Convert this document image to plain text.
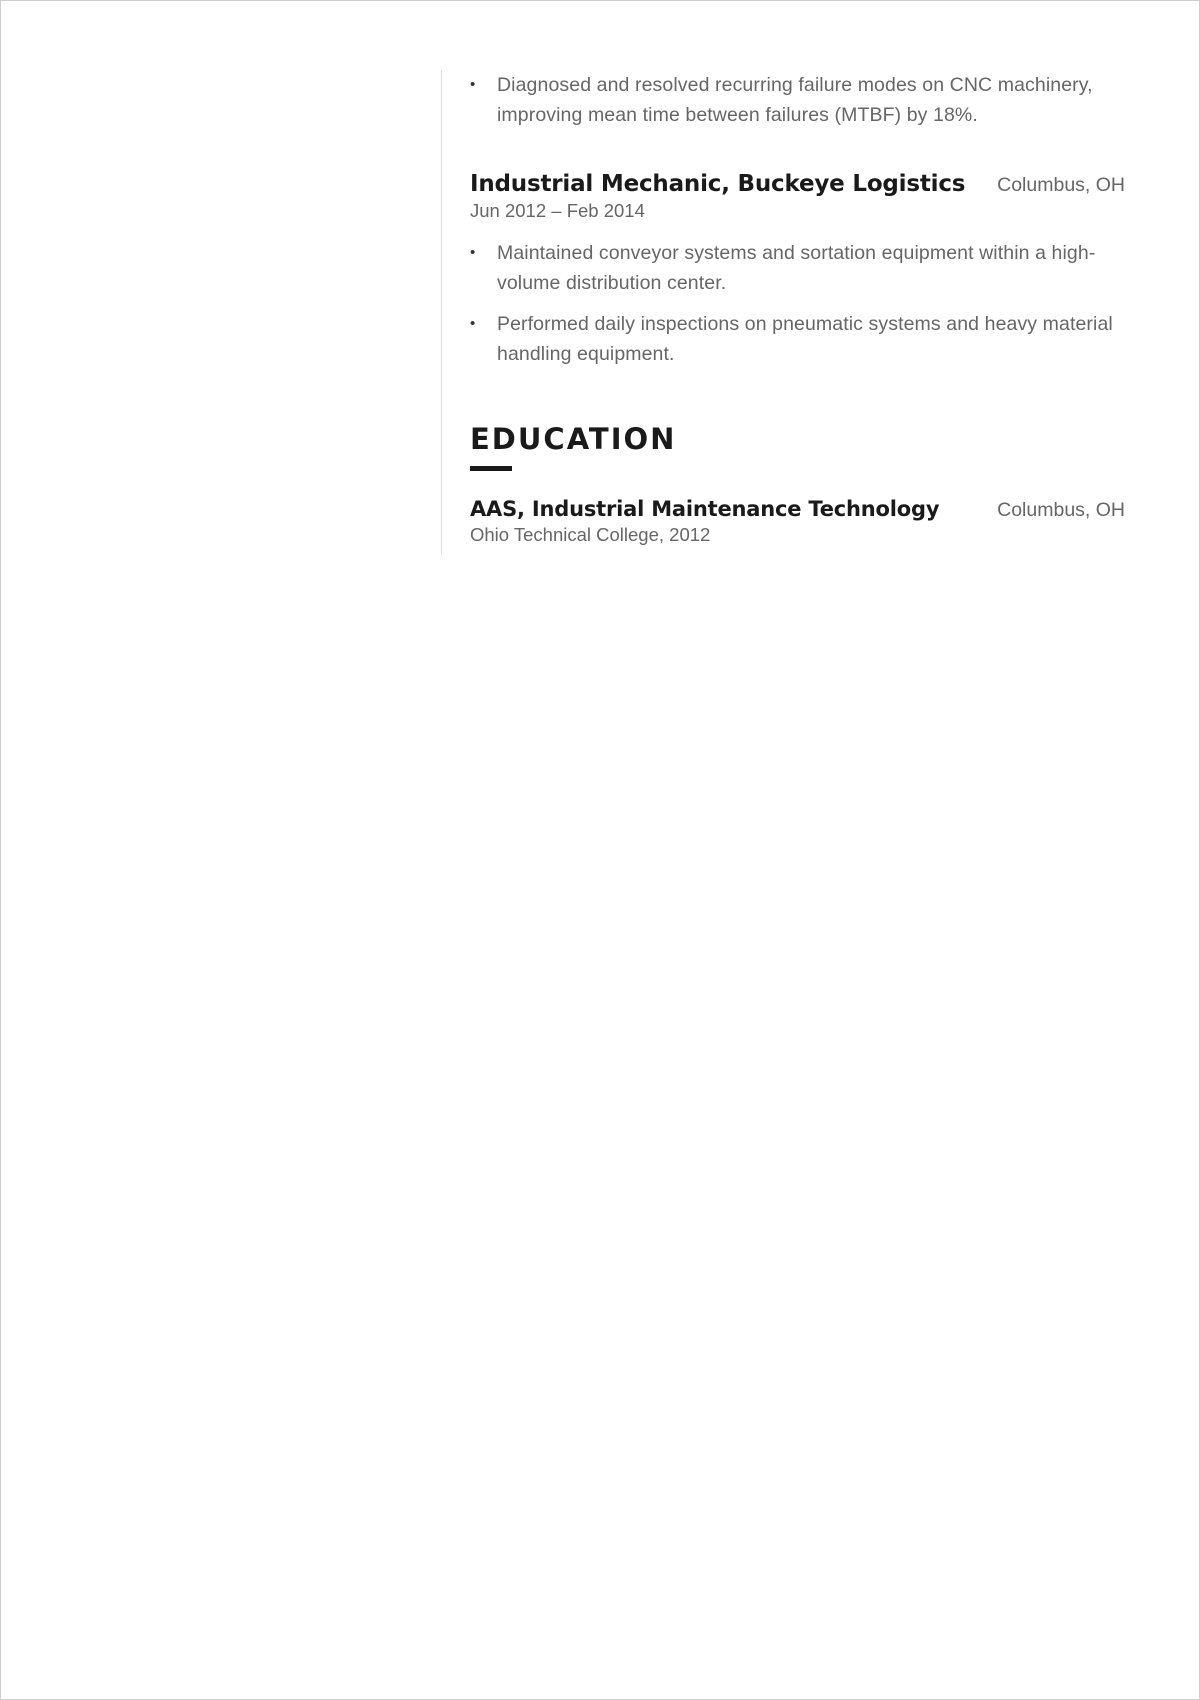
• Diagnosed and resolved recurring failure modes on CNC machinery, improving mean time between failures (MTBF) by 18%.
Industrial Mechanic, Buckeye Logistics Columbus, OH
Jun 2012 – Feb 2014
• Maintained conveyor systems and sortation equipment within a high-volume distribution center.
• Performed daily inspections on pneumatic systems and heavy material handling equipment.
EDUCATION
AAS, Industrial Maintenance Technology	Columbus, OH
Ohio Technical College, 2012
